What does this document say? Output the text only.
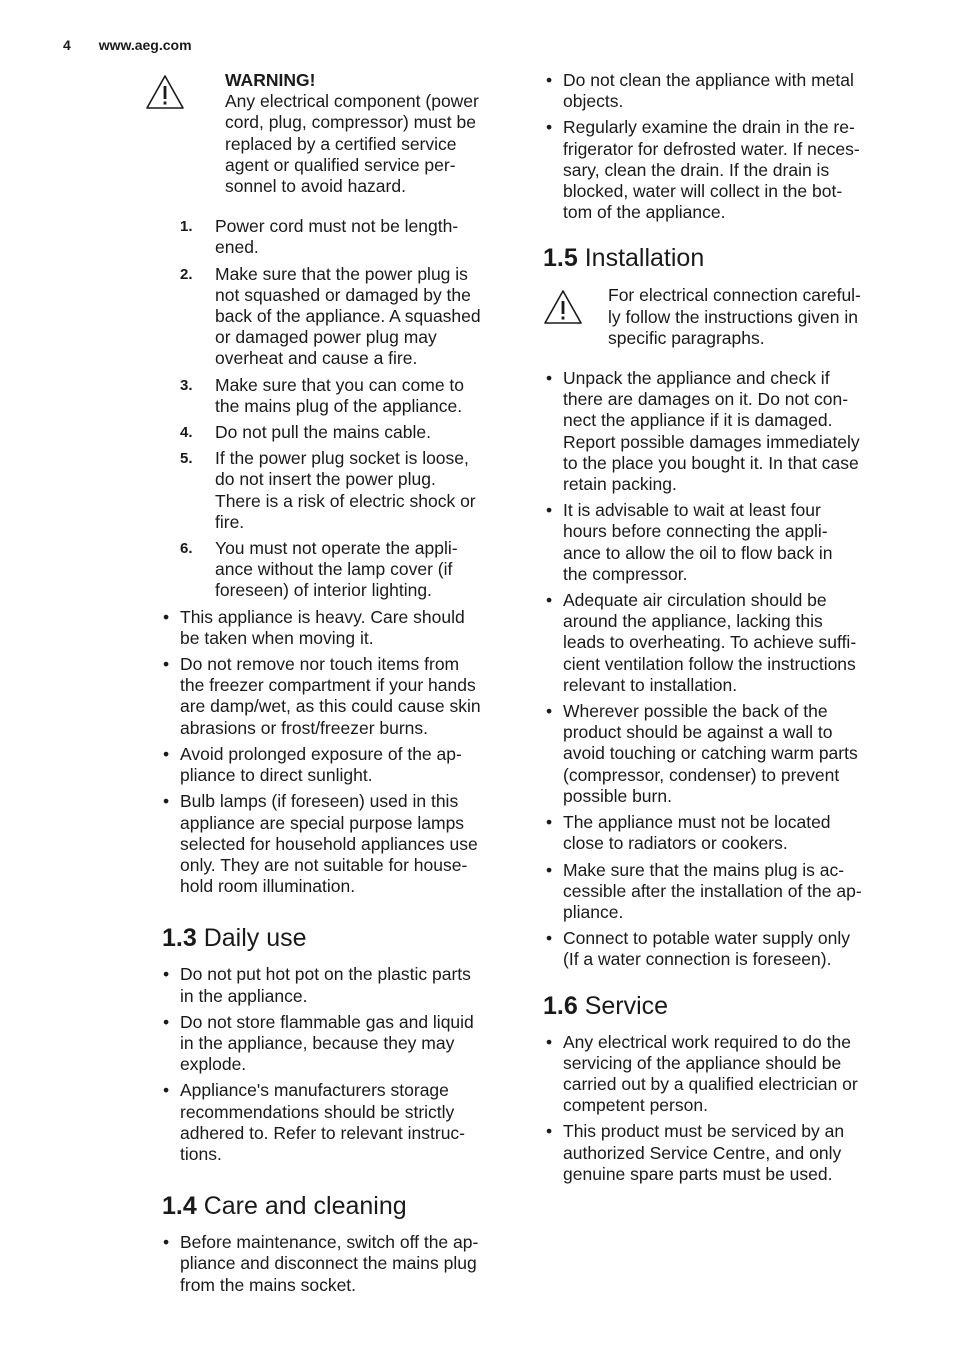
4 www.aeg.com
WARNING!
Any electrical component (power
cord, plug, compressor) must be
replaced by a certified service
agent or qualified service per-
sonnel to avoid hazard.
1. Power cord must not be length-
ened.
2. Make sure that the power plug is
not squashed or damaged by the
back of the appliance. A squashed
or damaged power plug may
overheat and cause a fire.
3. Make sure that you can come to
the mains plug of the appliance.
4. Do not pull the mains cable.
5. If the power plug socket is loose,
do not insert the power plug.
There is a risk of electric shock or
fire.
6. You must not operate the appli-
ance without the lamp cover (if
foreseen) of interior lighting.
• This appliance is heavy. Care should
be taken when moving it.
• Do not remove nor touch items from
the freezer compartment if your hands
are damp/wet, as this could cause skin
abrasions or frost/freezer burns.
• Avoid prolonged exposure of the ap-
pliance to direct sunlight.
• Bulb lamps (if foreseen) used in this
appliance are special purpose lamps
selected for household appliances use
only. They are not suitable for house-
hold room illumination.
1.3 Daily use
• Do not put hot pot on the plastic parts
in the appliance.
• Do not store flammable gas and liquid
in the appliance, because they may
explode.
• Appliance's manufacturers storage
recommendations should be strictly
adhered to. Refer to relevant instruc-
tions.
1.4 Care and cleaning
• Before maintenance, switch off the ap-
pliance and disconnect the mains plug
from the mains socket.
• Do not clean the appliance with metal
objects.
• Regularly examine the drain in the re-
frigerator for defrosted water. If neces-
sary, clean the drain. If the drain is
blocked, water will collect in the bot-
tom of the appliance.
1.5 Installation
For electrical connection careful-
ly follow the instructions given in
specific paragraphs.
• Unpack the appliance and check if
there are damages on it. Do not con-
nect the appliance if it is damaged.
Report possible damages immediately
to the place you bought it. In that case
retain packing.
• It is advisable to wait at least four
hours before connecting the appli-
ance to allow the oil to flow back in
the compressor.
• Adequate air circulation should be
around the appliance, lacking this
leads to overheating. To achieve suffi-
cient ventilation follow the instructions
relevant to installation.
• Wherever possible the back of the
product should be against a wall to
avoid touching or catching warm parts
(compressor, condenser) to prevent
possible burn.
• The appliance must not be located
close to radiators or cookers.
• Make sure that the mains plug is ac-
cessible after the installation of the ap-
pliance.
• Connect to potable water supply only
(If a water connection is foreseen).
1.6 Service
• Any electrical work required to do the
servicing of the appliance should be
carried out by a qualified electrician or
competent person.
• This product must be serviced by an
authorized Service Centre, and only
genuine spare parts must be used.
